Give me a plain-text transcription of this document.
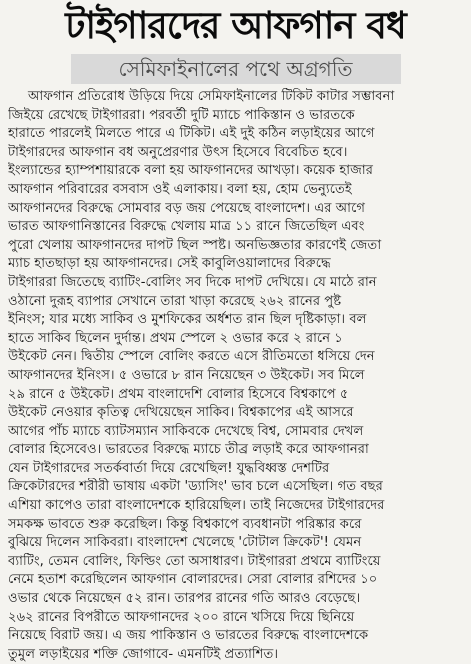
টাইগারদের আফগান বধ
সেমিফাইনালের পথে অগ্রগতি
আফগান প্রতিরোধ উড়িয়ে দিয়ে সেমিফাইনালের টিকিট কাটার সম্ভাবনা
জিইয়ে রেখেছে টাইগাররা। পরবর্তী দুটি ম্যাচে পাকিস্তান ও ভারতকে
হারাতে পারলেই মিলতে পারে এ টিকিট। এই দুই কঠিন লড়াইয়ের আগে
টাইগারদের আফগান বধ অনুপ্রেরণার উৎস হিসেবে বিবেচিত হবে।
ইংল্যান্ডের হ্যাম্পশায়ারকে বলা হয় আফগানদের আখড়া। কয়েক হাজার
আফগান পরিবারের বসবাস ওই এলাকায়। বলা হয়, হোম ভেন্যুতেই
আফগানদের বিরুদ্ধে সোমবার বড় জয় পেয়েছে বাংলাদেশ। এর আগে
ভারত আফগানিস্তানের বিরুদ্ধে খেলায় মাত্র ১১ রানে জিতেছিল এবং
পুরো খেলায় আফগানদের দাপট ছিল স্পষ্ট। অনভিজ্ঞতার কারণেই জেতা
ম্যাচ হাতছাড়া হয় আফগানদের। সেই কাবুলিওয়ালাদের বিরুদ্ধে
টাইগাররা জিতেছে ব্যাটিং-বোলিং সব দিকে দাপট দেখিয়ে। যে মাঠে রান
ওঠানো দুরূহ ব্যাপার সেখানে তারা খাড়া করেছে ২৬২ রানের পুষ্ট
ইনিংস; যার মধ্যে সাকিব ও মুশফিকের অর্ধশত রান ছিল দৃষ্টিকাড়া। বল
হাতে সাকিব ছিলেন দুর্দান্ত। প্রথম স্পেলে ২ ওভার করে ২ রানে ১
উইকেট নেন। দ্বিতীয় স্পেলে বোলিং করতে এসে রীতিমতো ধসিয়ে দেন
আফগানদের ইনিংস। ৫ ওভারে ৮ রান নিয়েছেন ৩ উইকেট। সব মিলে
২৯ রানে ৫ উইকেট। প্রথম বাংলাদেশি বোলার হিসেবে বিশ্বকাপে ৫
উইকেট নেওয়ার কৃতিত্ব দেখিয়েছেন সাকিব। বিশ্বকাপের এই আসরে
আগের পাঁচ ম্যাচে ব্যাটসম্যান সাকিবকে দেখেছে বিশ্ব, সোমবার দেখল
বোলার হিসেবেও। ভারতের বিরুদ্ধে ম্যাচে তীব্র লড়াই করে আফগানরা
যেন টাইগারদের সতর্কবার্তা দিয়ে রেখেছিল! যুদ্ধবিধ্বস্ত দেশটির
ক্রিকেটারদের শরীরী ভাষায় একটা 'ড্যাসিং' ভাব চলে এসেছিল। গত বছর
এশিয়া কাপেও তারা বাংলাদেশকে হারিয়েছিল। তাই নিজেদের টাইগারদের
সমকক্ষ ভাবতে শুরু করেছিল। কিন্তু বিশ্বকাপে ব্যবধানটা পরিষ্কার করে
বুঝিয়ে দিলেন সাকিবরা। বাংলাদেশ খেলেছে 'টোটাল ক্রিকেট'! যেমন
ব্যাটিং, তেমন বোলিং, ফিল্ডিং তো অসাধারণ। টাইগাররা প্রথমে ব্যাটিংয়ে
নেমে হতাশ করেছিলেন আফগান বোলারদের। সেরা বোলার রশিদের ১০
ওভার থেকে নিয়েছেন ৫২ রান। তারপর রানের গতি আরও বেড়েছে।
২৬২ রানের বিপরীতে আফগানদের ২০০ রানে খসিয়ে দিয়ে ছিনিয়ে
নিয়েছে বিরাট জয়। এ জয় পাকিস্তান ও ভারতের বিরুদ্ধে বাংলাদেশকে
তুমুল লড়াইয়ের শক্তি জোগাবে- এমনটিই প্রত্যাশিত।
